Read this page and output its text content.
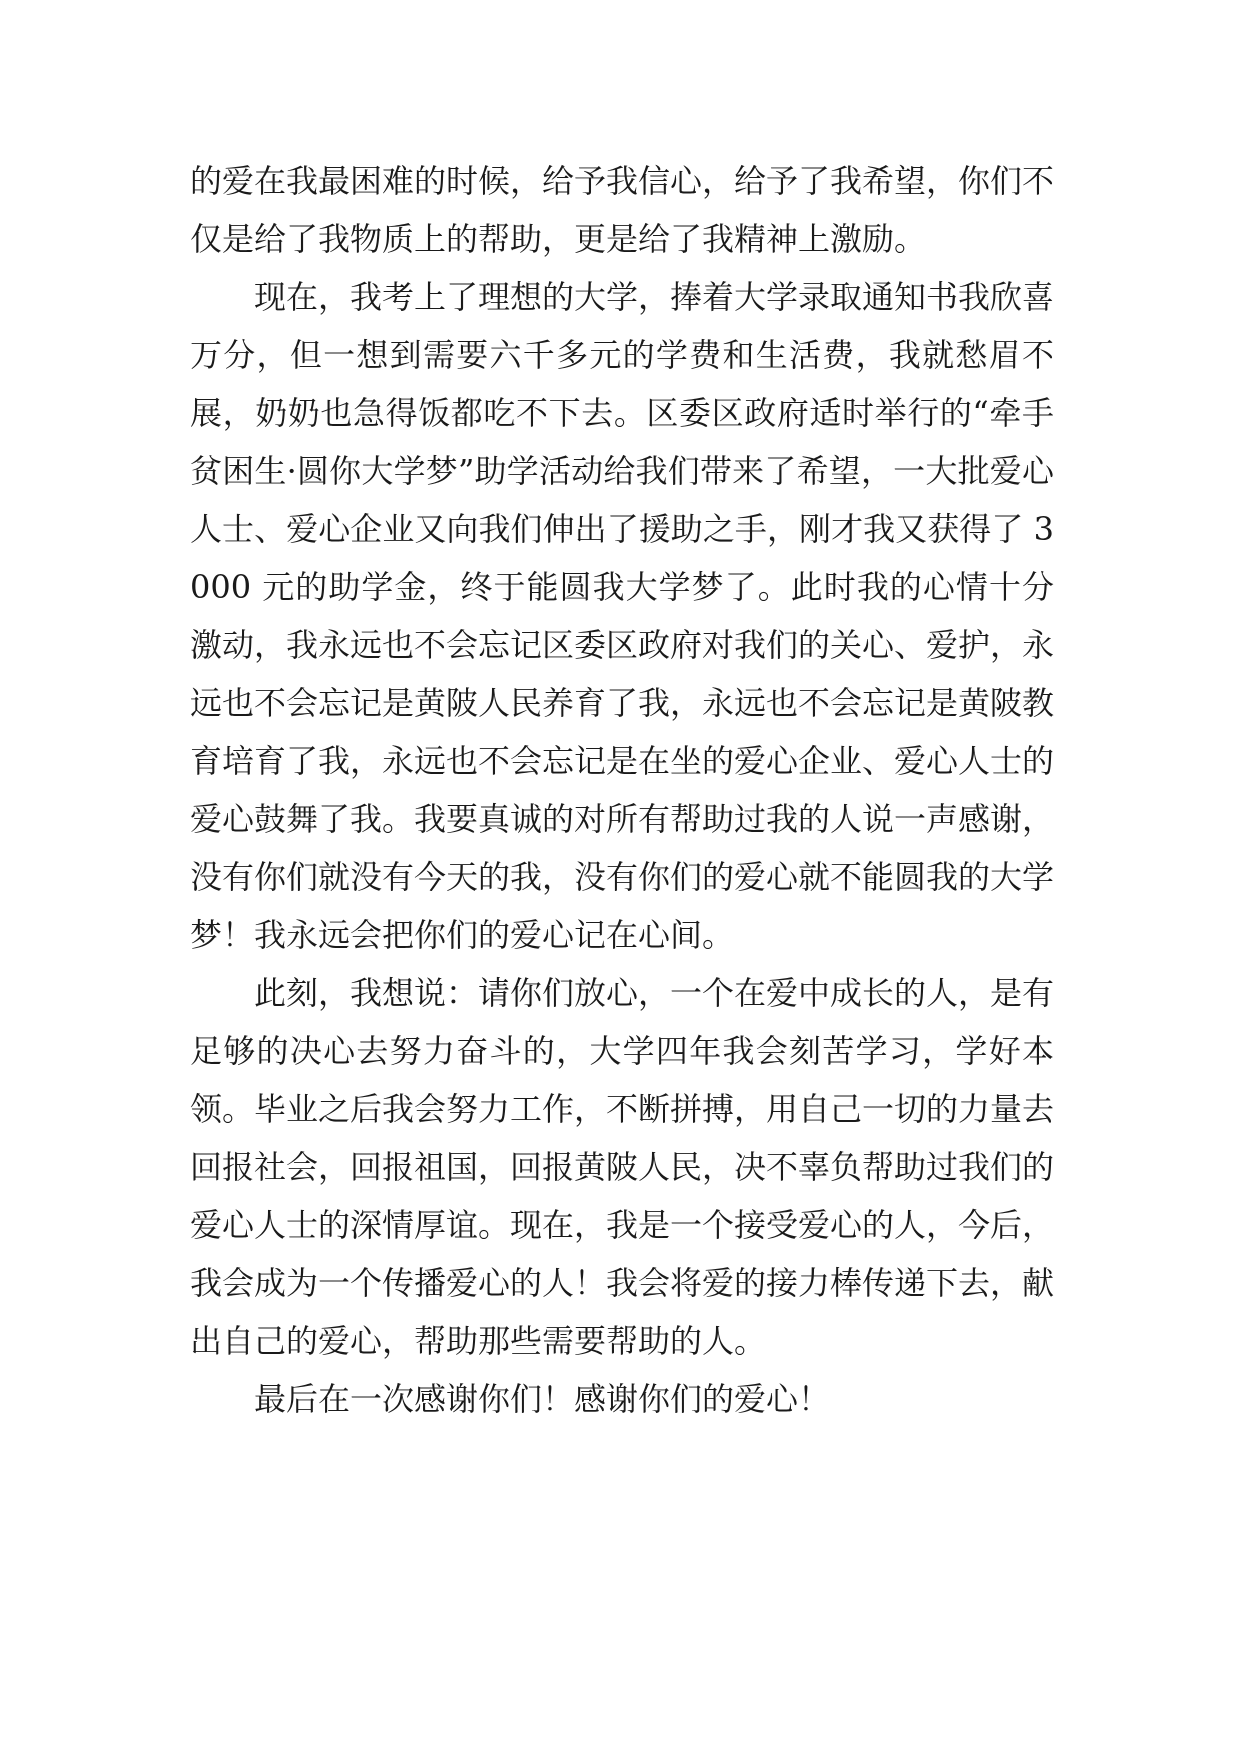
的爱在我最困难的时候，给予我信心，给予了我希望，你们不仅是给了我物质上的帮助，更是给了我精神上激励。

现在，我考上了理想的大学，捧着大学录取通知书我欣喜万分，但一想到需要六千多元的学费和生活费，我就愁眉不展，奶奶也急得饭都吃不下去。区委区政府适时举行的“牵手贫困生·圆你大学梦”助学活动给我们带来了希望，一大批爱心人士、爱心企业又向我们伸出了援助之手，刚才我又获得了 3000 元的助学金，终于能圆我大学梦了。此时我的心情十分激动，我永远也不会忘记区委区政府对我们的关心、爱护，永远也不会忘记是黄陂人民养育了我，永远也不会忘记是黄陂教育培育了我，永远也不会忘记是在坐的爱心企业、爱心人士的爱心鼓舞了我。我要真诚的对所有帮助过我的人说一声感谢，没有你们就没有今天的我，没有你们的爱心就不能圆我的大学梦！我永远会把你们的爱心记在心间。

此刻，我想说：请你们放心，一个在爱中成长的人，是有足够的决心去努力奋斗的，大学四年我会刻苦学习，学好本领。毕业之后我会努力工作，不断拼搏，用自己一切的力量去回报社会，回报祖国，回报黄陂人民，决不辜负帮助过我们的爱心人士的深情厚谊。现在，我是一个接受爱心的人，今后，我会成为一个传播爱心的人！我会将爱的接力棒传递下去，献出自己的爱心，帮助那些需要帮助的人。

最后在一次感谢你们！感谢你们的爱心！
